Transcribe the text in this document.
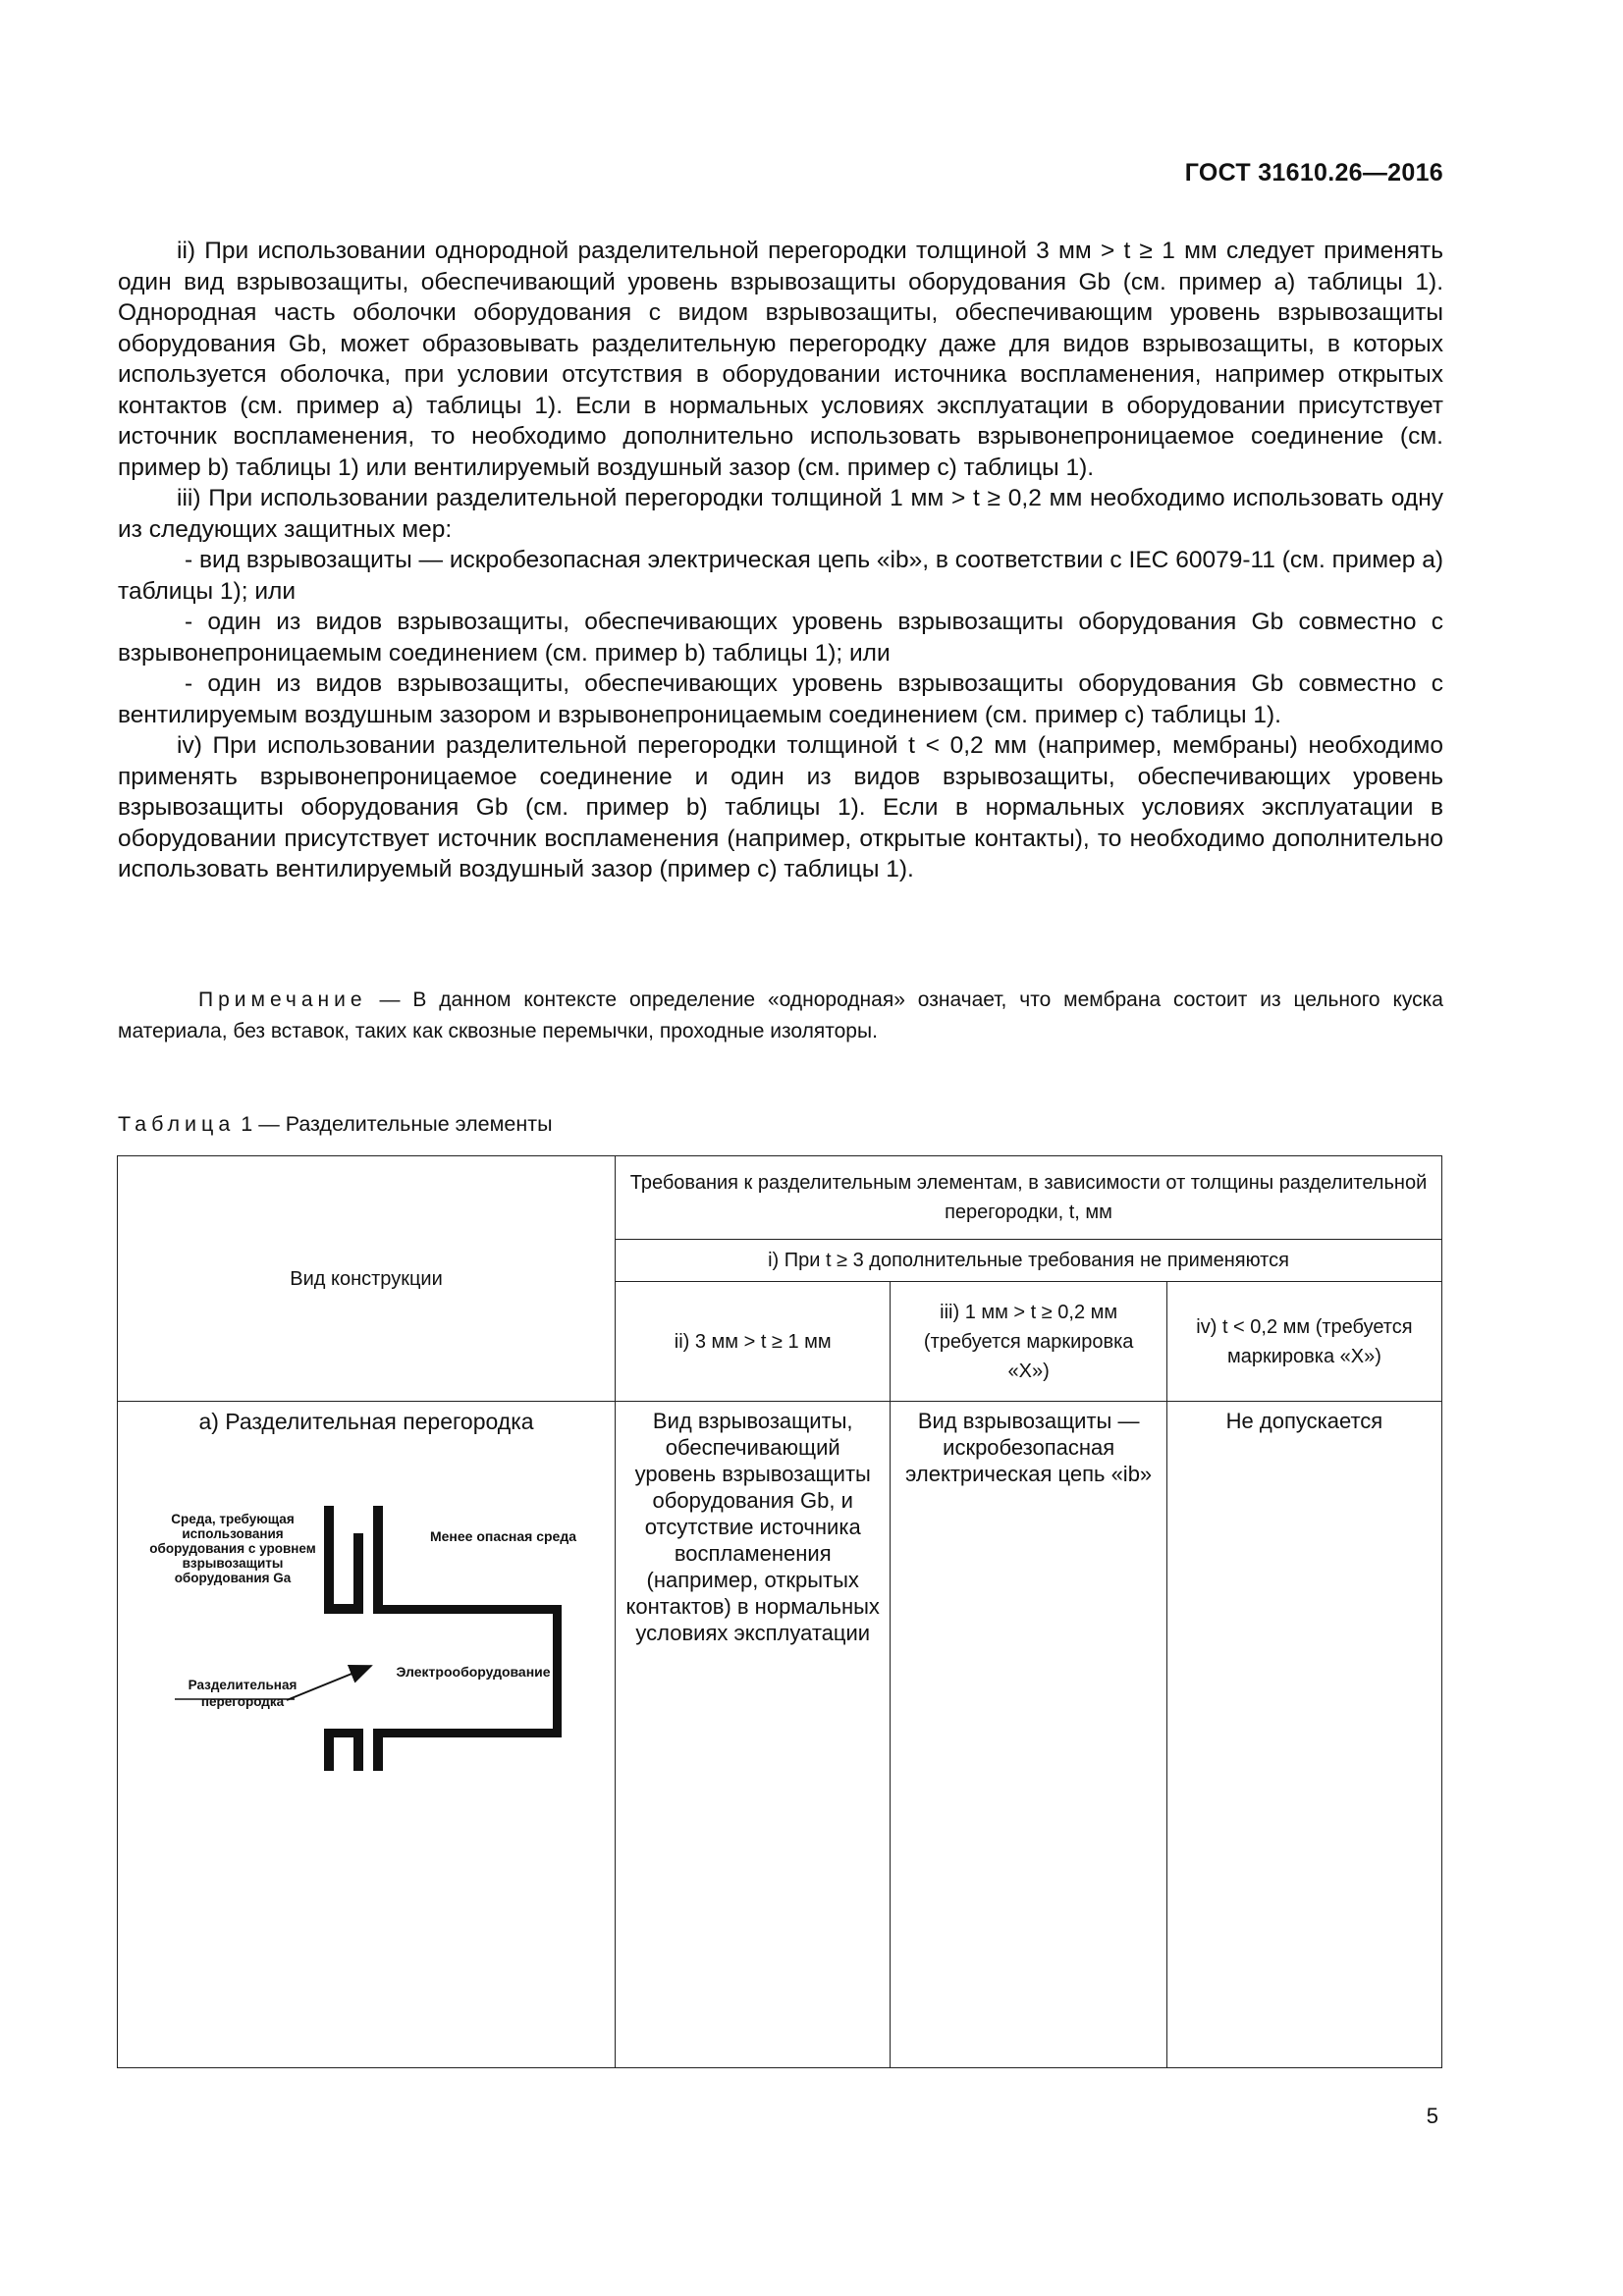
ГОСТ 31610.26—2016

ii) При использовании однородной разделительной перегородки толщиной 3 мм > t ≥ 1 мм следует применять один вид взрывозащиты, обеспечивающий уровень взрывозащиты оборудования Gb (см. пример а) таблицы 1). Однородная часть оболочки оборудования с видом взрывозащиты, обеспечивающим уровень взрывозащиты оборудования Gb, может образовывать разделительную перегородку даже для видов взрывозащиты, в которых используется оболочка, при условии отсутствия в оборудовании источника воспламенения, например открытых контактов (см. пример а) таблицы 1). Если в нормальных условиях эксплуатации в оборудовании присутствует источник воспламенения, то необходимо дополнительно использовать взрывонепроницаемое соединение (см. пример b) таблицы 1) или вентилируемый воздушный зазор (см. пример с) таблицы 1).

iii) При использовании разделительной перегородки толщиной 1 мм > t ≥ 0,2 мм необходимо использовать одну из следующих защитных мер:

- вид взрывозащиты — искробезопасная электрическая цепь «ib», в соответствии с IEC 60079-11 (см. пример а) таблицы 1); или

- один из видов взрывозащиты, обеспечивающих уровень взрывозащиты оборудования Gb совместно с взрывонепроницаемым соединением (см. пример b) таблицы 1); или

- один из видов взрывозащиты, обеспечивающих уровень взрывозащиты оборудования Gb совместно с вентилируемым воздушным зазором и взрывонепроницаемым соединением (см. пример с) таблицы 1).

iv) При использовании разделительной перегородки толщиной t < 0,2 мм (например, мембраны) необходимо применять взрывонепроницаемое соединение и один из видов взрывозащиты, обеспечивающих уровень взрывозащиты оборудования Gb (см. пример b) таблицы 1). Если в нормальных условиях эксплуатации в оборудовании присутствует источник воспламенения (например, открытые контакты), то необходимо дополнительно использовать вентилируемый воздушный зазор (пример с) таблицы 1).

Примечание — В данном контексте определение «однородная» означает, что мембрана состоит из цельного куска материала, без вставок, таких как сквозные перемычки, проходные изоляторы.
Таблица 1 — Разделительные элементы
Вид конструкции	Требования к разделительным элементам, в зависимости от толщины разделительной перегородки, t, мм		
	i) При t ≥ 3 дополнительные требования не применяются		
	ii) 3 мм > t ≥ 1 мм	iii) 1 мм > t ≥ 0,2 мм (требуется маркировка «X»)	iv) t < 0,2 мм (требуется маркировка «X»)

а) Разделительная перегородка
Среда, требующая использования оборудования с уровнем взрывозащиты оборудования Ga
Менее опасная среда
Разделительная перегородка
Электрооборудование	Вид взрывозащиты, обеспечивающий уровень взрывозащиты оборудования Gb, и отсутствие источника воспламенения (например, открытых контактов) в нормальных условиях эксплуатации	Вид взрывозащиты — искробезопасная электрическая цепь «ib»	Не допускается
5
